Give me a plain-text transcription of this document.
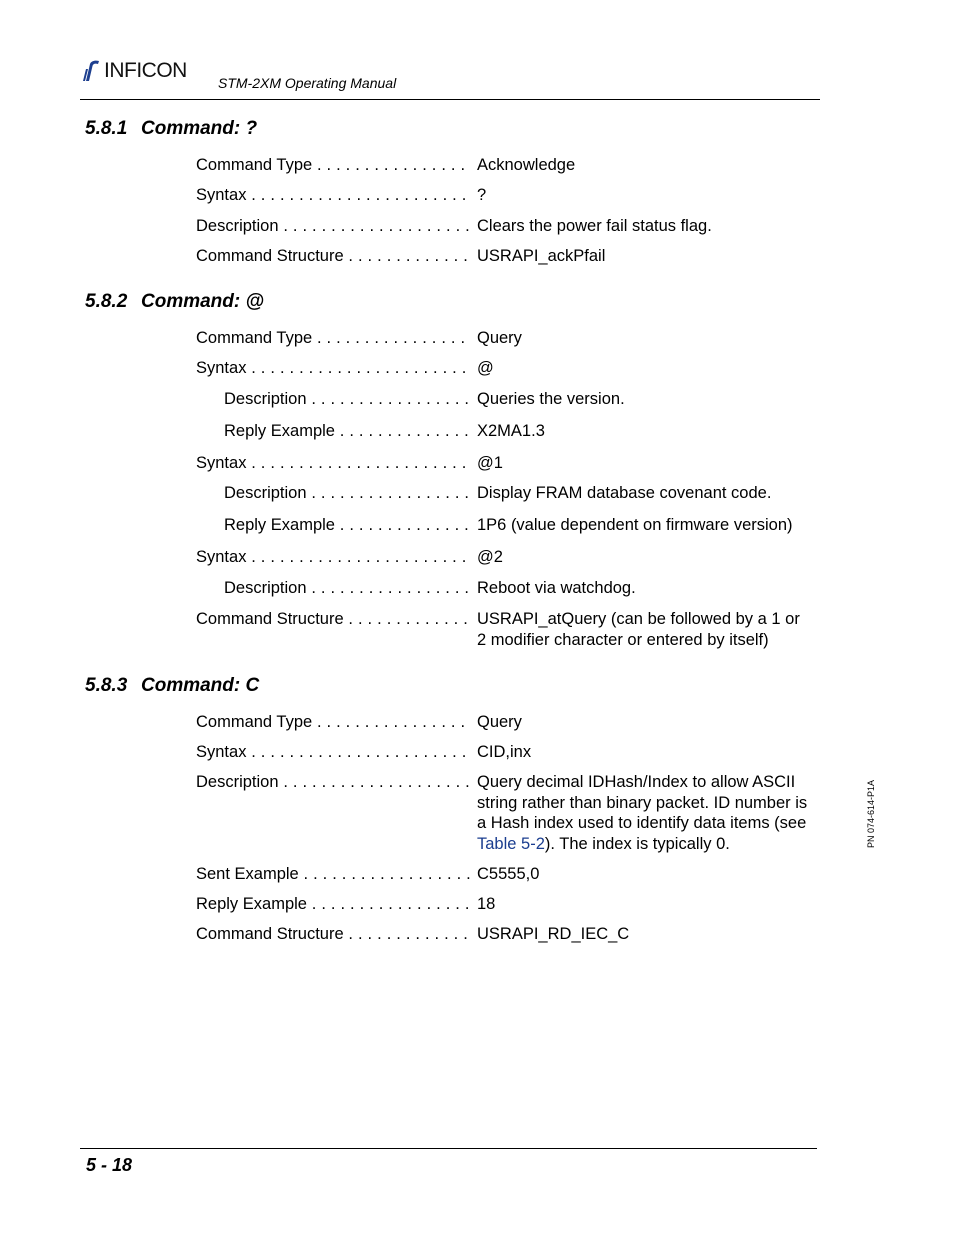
INFICON
STM-2XM Operating Manual
5.8.1 Command: ?
Command Type . . .	Acknowledge
Syntax . . .	?
Description . . .	Clears the power fail status flag.
Command Structure . . .	USRAPI_ackPfail
5.8.2 Command: @
Command Type . . .	Query
Syntax . . .	@
Description . . .	Queries the version.
Reply Example . . .	X2MA1.3
Syntax . . .	@1
Description . . .	Display FRAM database covenant code.
Reply Example . . .	1P6 (value dependent on firmware version)
Syntax . . .	@2
Description . . .	Reboot via watchdog.
Command Structure . . .	USRAPI_atQuery (can be followed by a 1 or 2 modifier character or entered by itself)
5.8.3 Command: C
Command Type . . .	Query
Syntax . . .	CID,inx
Description . . .	Query decimal IDHash/Index to allow ASCII string rather than binary packet. ID number is a Hash index used to identify data items (see Table 5-2). The index is typically 0.
Sent Example . . .	C5555,0
Reply Example . . .	18
Command Structure . . .	USRAPI_RD_IEC_C
PN 074-614-P1A
5 - 18
